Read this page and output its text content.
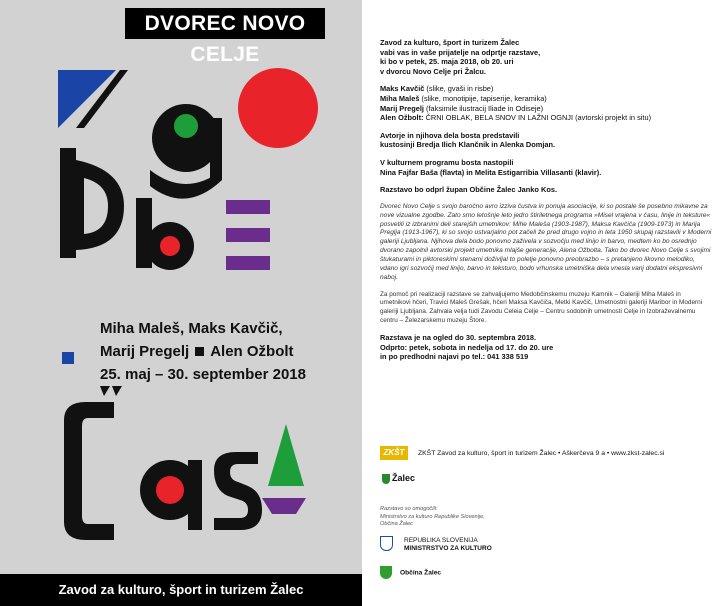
DVOREC NOVO CELJE
Miha Maleš, Maks Kavčič,
Marij Pregelj Alen Ožbolt
25. maj – 30. september 2018
Zavod za kulturo, šport in turizem Žalec

Zavod za kulturo, šport in turizem Žalec
vabi vas in vaše prijatelje na odprtje razstave,
ki bo v petek, 25. maja 2018, ob 20. uri
v dvorcu Novo Celje pri Žalcu.

Maks Kavčič (slike, gvaši in risbe)
Miha Maleš (slike, monotipije, tapiserije, keramika)
Marij Pregelj (faksimile ilustracij Iliade in Odiseje)
Alen Ožbolt: ČRNI OBLAK, BELA SNOV IN LAŽNI OGNJI (avtorski projekt in situ)

Avtorje in njihova dela bosta predstavili
kustosinji Bredja Ilich Klančnik in Alenka Domjan.

V kulturnem programu bosta nastopili
Nina Fajfar Baša (flavta) in Melita Estigarribia Villasanti (klavir).

Razstavo bo odprl župan Občine Žalec Janko Kos.

Dvorec Novo Celje s svojo baročno avro izziva čustva in ponuja asociacije, ki so postale še posebno mikavne za nove vizualne zgodbe. Zato smo letošnje leto jedro štiriletnega programa »Misel vrajena v času, linije in teksture« posvetili iz izbranimi deli starejših umetnikov: Mihe Maleša (1903-1987), Maksa Kavčiča (1909-1973) in Marija Preglja (1913-1967), ki so svojo ustvarjalno pot začeli že pred drugo vojno in leta 1950 skupaj razstavili v Moderni galeriji Ljubljana. Njihova dela bodo ponovno zaživela v sozvočju med linijo in barvo, medtem ko bo osrednjo dvorano zapolnil avtorski projekt umetnika mlajše generacije, Alena Ožbolta. Tako bo dvorec Novo Celje s svojimi štukaturami in piktoreskimi stenami doživljal to poletje ponovno preobrazbo – s pretanjeno likovno melodiko, vdano igri sozvočij med linijo, barvo in teksturo, bodo vrhunska umetniška dela vnesla vanj dodatni ekspresivni naboj.

Za pomoč pri realizaciji razstave se zahvaljujemo Medobčinskemu muzeju Kamnik – Galeriji Miha Maleš in umetnikovi hčeri, Travici Maleš Grešak, hčeri Maksa Kavčiča, Metki Kavčič, Umetnostni galeriji Maribor in Moderni galeriji Ljubljana. Zahvala velja tudi Zavodu Celeia Celje – Centru sodobnih umetnosti Celje in Izobraževalnemu centru – Železarskemu muzeju Štore.

Razstava je na ogled do 30. septembra 2018.
Odprto: petek, sobota in nedelja od 17. do 20. ure
in po predhodni najavi po tel.: 041 338 519

ZKŠT	ZKŠT Zavod za kulturo, šport in turizem Žalec • Aškerčeva 9 a • www.zkst-zalec.si
Žalec
Razstavo so omogočili:
Ministrstvo za kulturo Republike Slovenije,
Občina Žalec
REPUBLIKA SLOVENIJA
MINISTRSTVO ZA KULTURO
Občina Žalec
